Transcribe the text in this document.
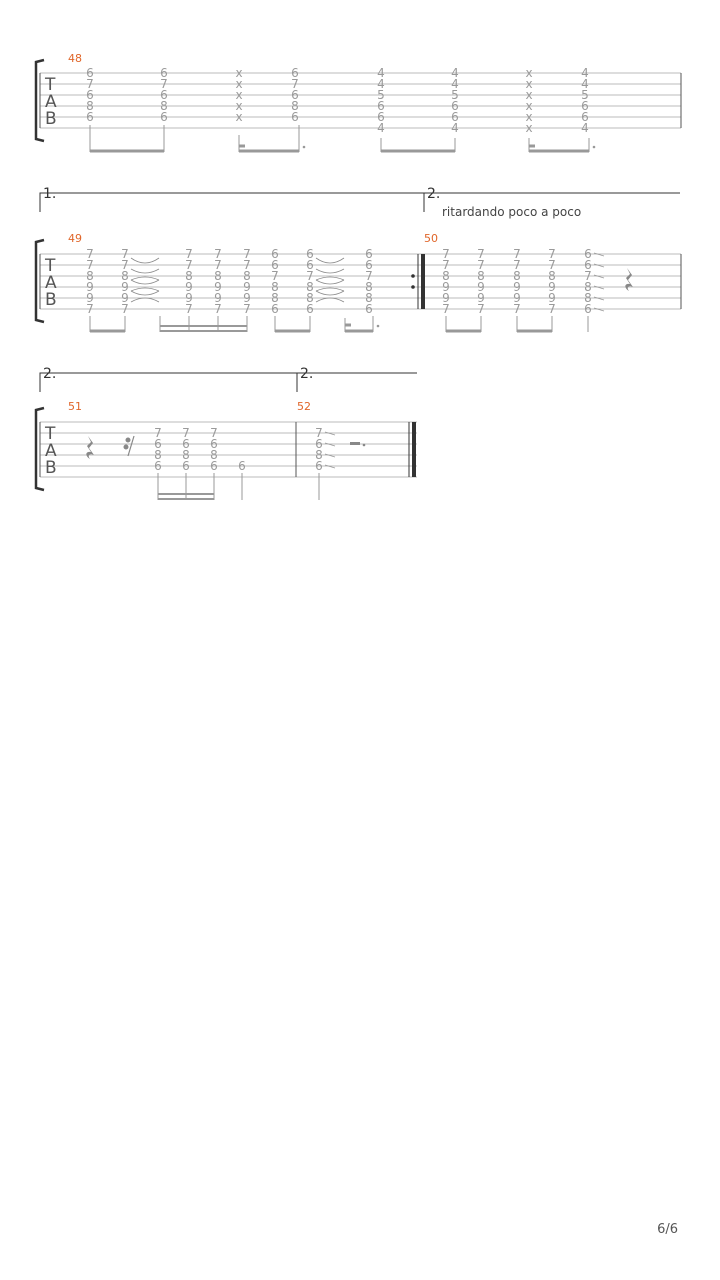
T
A
B
48
6
7
6
8
6
6
7
6
8
6
x
x
x
x
x
6
7
6
8
6
4
4
5
6
6
4
4
4
5
6
6
4
x
x
x
x
x
x
4
4
5
6
6
4
1.	2.
ritardando poco a poco
T
A
B
49	50
7
7
8
9
9
7
7
7
8
9
9
7
7
7
8
9
9
7
7
7
8
9
9
7
7
7
8
9
9
7
6
6
7
8
8
6
6
6
7
8
8
6
6
6
7
8
8
6
7
7
8
9
9
7
7
7
8
9
9
7
7
7
8
9
9
7
7
7
8
9
9
7
6
6
7
8
8
6
2.	2.
T
A
B
51	52
7
6
8
6
7
6
8
6
7
6
8
6 6
7
6
8
6
6/6
